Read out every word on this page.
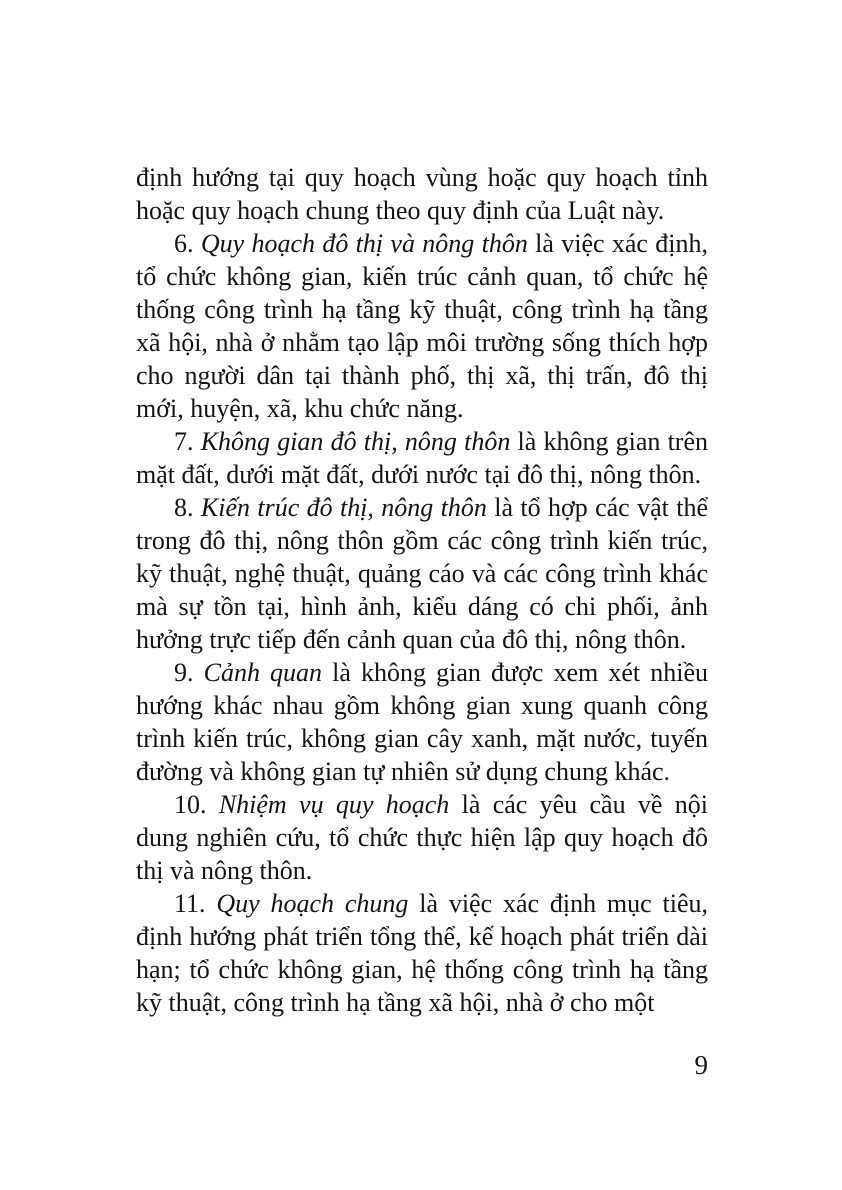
định hướng tại quy hoạch vùng hoặc quy hoạch tỉnh hoặc quy hoạch chung theo quy định của Luật này.

6. Quy hoạch đô thị và nông thôn là việc xác định, tổ chức không gian, kiến trúc cảnh quan, tổ chức hệ thống công trình hạ tầng kỹ thuật, công trình hạ tầng xã hội, nhà ở nhằm tạo lập môi trường sống thích hợp cho người dân tại thành phố, thị xã, thị trấn, đô thị mới, huyện, xã, khu chức năng.

7. Không gian đô thị, nông thôn là không gian trên mặt đất, dưới mặt đất, dưới nước tại đô thị, nông thôn.

8. Kiến trúc đô thị, nông thôn là tổ hợp các vật thể trong đô thị, nông thôn gồm các công trình kiến trúc, kỹ thuật, nghệ thuật, quảng cáo và các công trình khác mà sự tồn tại, hình ảnh, kiểu dáng có chi phối, ảnh hưởng trực tiếp đến cảnh quan của đô thị, nông thôn.

9. Cảnh quan là không gian được xem xét nhiều hướng khác nhau gồm không gian xung quanh công trình kiến trúc, không gian cây xanh, mặt nước, tuyến đường và không gian tự nhiên sử dụng chung khác.

10. Nhiệm vụ quy hoạch là các yêu cầu về nội dung nghiên cứu, tổ chức thực hiện lập quy hoạch đô thị và nông thôn.

11. Quy hoạch chung là việc xác định mục tiêu, định hướng phát triển tổng thể, kế hoạch phát triển dài hạn; tổ chức không gian, hệ thống công trình hạ tầng kỹ thuật, công trình hạ tầng xã hội, nhà ở cho một

9
